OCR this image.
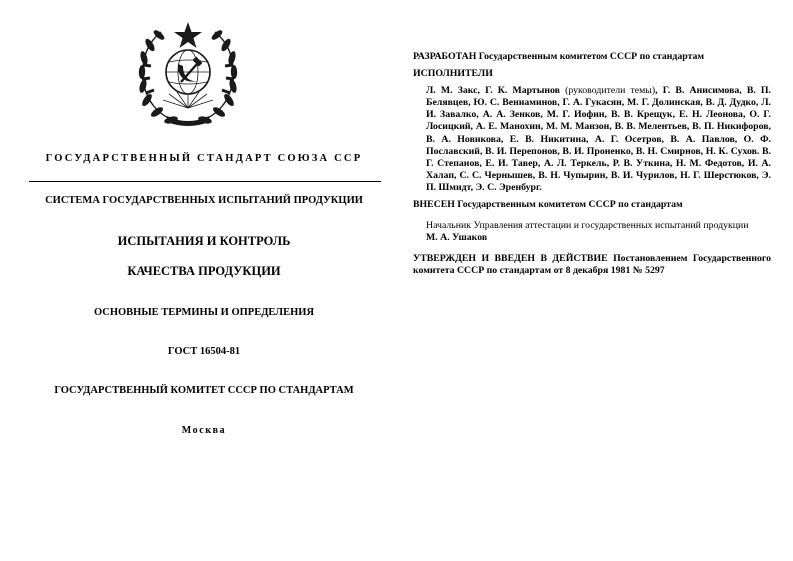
ГОСУДАРСТВЕННЫЙ СТАНДАРТ СОЮЗА ССР
СИСТЕМА ГОСУДАРСТВЕННЫХ ИСПЫТАНИЙ ПРОДУКЦИИ
ИСПЫТАНИЯ И КОНТРОЛЬ
КАЧЕСТВА ПРОДУКЦИИ
ОСНОВНЫЕ ТЕРМИНЫ И ОПРЕДЕЛЕНИЯ
ГОСТ 16504-81
ГОСУДАРСТВЕННЫЙ КОМИТЕТ СССР ПО СТАНДАРТАМ
Москва

РАЗРАБОТАН Государственным комитетом СССР по стандартам

ИСПОЛНИТЕЛИ

Л. М. Закс, Г. К. Мартынов (руководители темы), Г. В. Анисимова, В. П. Белявцев, Ю. С. Вениаминов, Г. А. Гукасян, М. Г. Долинская, В. Д. Дудко, Л. И. Завалко, А. А. Зенков, М. Г. Иофин, В. В. Крещук, Е. Н. Леонова, О. Г. Лосицкий, А. Е. Манохин, М. М. Манзон, В. В. Мелентьев, В. П. Никифоров, В. А. Новикова, Е. В. Никитина, А. Г. Осетров, В. А. Павлов, О. Ф. Пославский, В. И. Перепонов, В. И. Проненко, В. Н. Смирнов, Н. К. Сухов. В. Г. Степанов, Е. И. Тавер, А. Л. Теркель, Р. В. Уткина, Н. М. Федотов, И. А. Халап, С. С. Чернышев, В. Н. Чупырин, В. И. Чурилов, Н. Г. Шерстюков, Э. П. Шмидт, Э. С. Эренбург.

ВНЕСЕН Государственным комитетом СССР по стандартам

Начальник Управления аттестации и государственных испытаний продукции

М. А. Ушаков

УТВЕРЖДЕН И ВВЕДЕН В ДЕЙСТВИЕ Постановлением Государственного комитета СССР по стандартам от 8 декабря 1981 № 5297
